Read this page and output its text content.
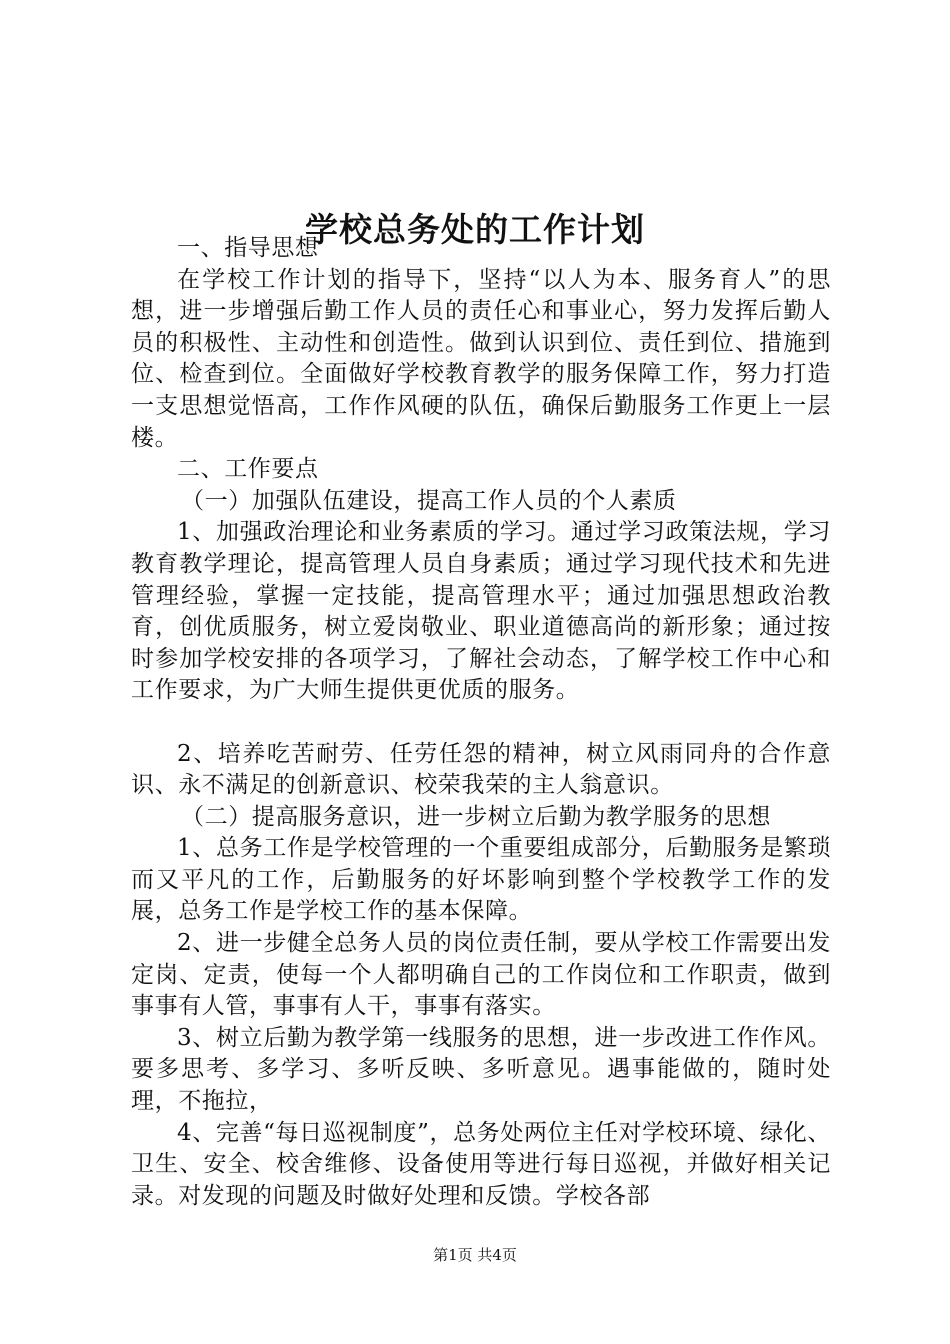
学校总务处的工作计划

一、指导思想

在学校工作计划的指导下，坚持“以人为本、服务育人”的思想，进一步增强后勤工作人员的责任心和事业心，努力发挥后勤人员的积极性、主动性和创造性。做到认识到位、责任到位、措施到位、检查到位。全面做好学校教育教学的服务保障工作，努力打造一支思想觉悟高，工作作风硬的队伍，确保后勤服务工作更上一层楼。

二、工作要点

（一）加强队伍建设，提高工作人员的个人素质

1、加强政治理论和业务素质的学习。通过学习政策法规，学习教育教学理论，提高管理人员自身素质；通过学习现代技术和先进管理经验，掌握一定技能，提高管理水平；通过加强思想政治教育，创优质服务，树立爱岗敬业、职业道德高尚的新形象；通过按时参加学校安排的各项学习，了解社会动态，了解学校工作中心和工作要求，为广大师生提供更优质的服务。

2、培养吃苦耐劳、任劳任怨的精神，树立风雨同舟的合作意识、永不满足的创新意识、校荣我荣的主人翁意识。

（二）提高服务意识，进一步树立后勤为教学服务的思想

1、总务工作是学校管理的一个重要组成部分，后勤服务是繁琐而又平凡的工作，后勤服务的好坏影响到整个学校教学工作的发展，总务工作是学校工作的基本保障。

2、进一步健全总务人员的岗位责任制，要从学校工作需要出发定岗、定责，使每一个人都明确自己的工作岗位和工作职责，做到事事有人管，事事有人干，事事有落实。

3、树立后勤为教学第一线服务的思想，进一步改进工作作风。要多思考、多学习、多听反映、多听意见。遇事能做的，随时处理，不拖拉，

4、完善“每日巡视制度”，总务处两位主任对学校环境、绿化、卫生、安全、校舍维修、设备使用等进行每日巡视，并做好相关记录。对发现的问题及时做好处理和反馈。学校各部

第1页 共4页
